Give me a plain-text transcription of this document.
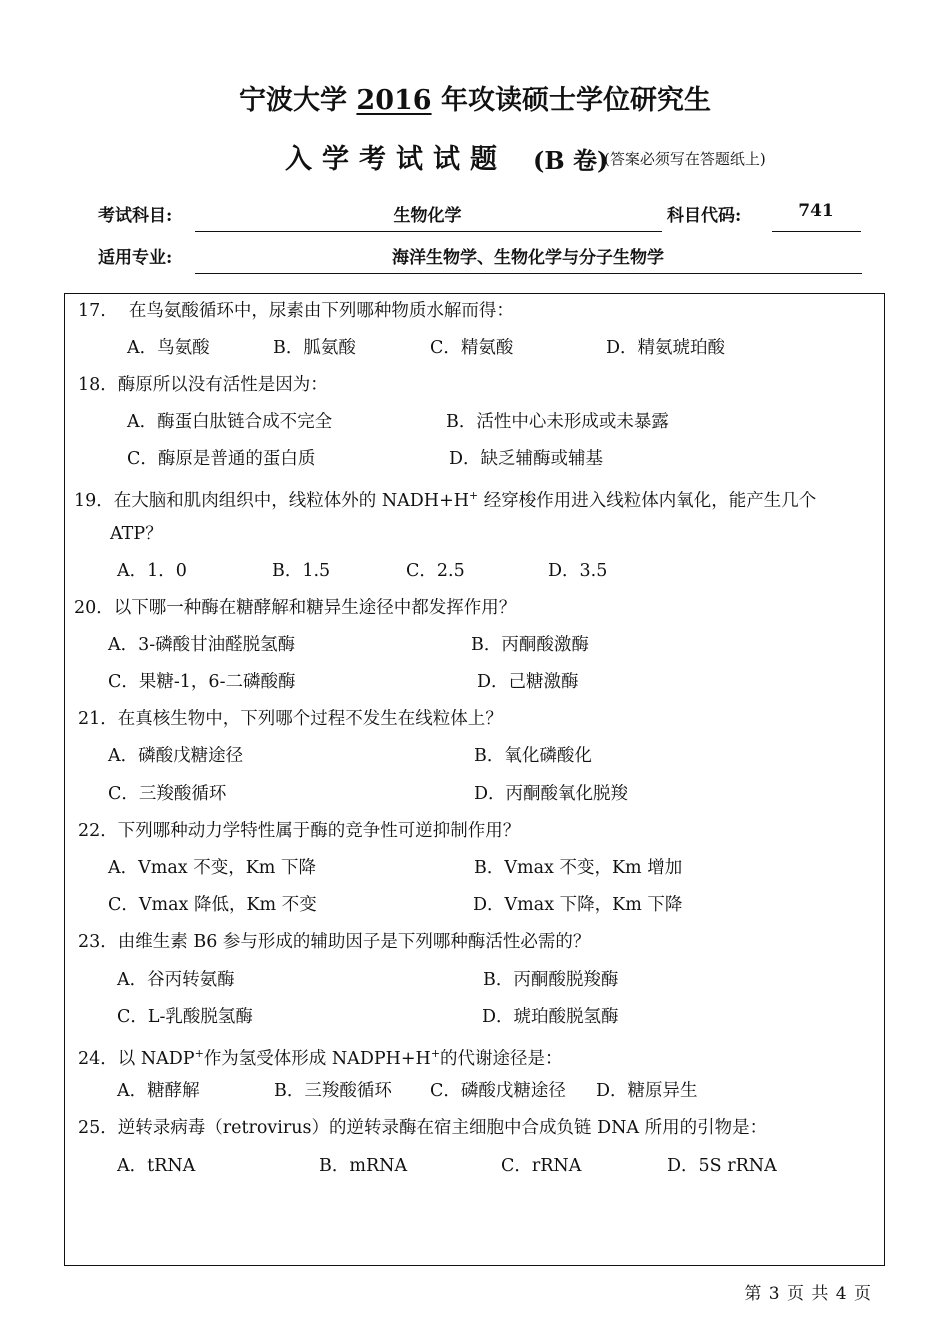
宁波大学 2016 年攻读硕士学位研究生
入学考试试题 (B 卷)
(答案必须写在答题纸上)
考试科目:	生物化学	科目代码:	741
适用专业:	海洋生物学、生物化学与分子生物学
17.　 在鸟氨酸循环中，尿素由下列哪种物质水解而得：
A．鸟氨酸	B．胍氨酸	C．精氨酸	D．精氨琥珀酸
18．酶原所以没有活性是因为：
A．酶蛋白肽链合成不完全	B．活性中心未形成或未暴露
C．酶原是普通的蛋白质	D．缺乏辅酶或辅基
19．在大脑和肌肉组织中，线粒体外的 NADH+H+ 经穿梭作用进入线粒体内氧化，能产生几个
ATP？
A．1．0	B．1.5	C．2.5	D．3.5
20．以下哪一种酶在糖酵解和糖异生途径中都发挥作用？
A．3-磷酸甘油醛脱氢酶	B．丙酮酸激酶
C．果糖-1，6-二磷酸酶	D．己糖激酶
21．在真核生物中，下列哪个过程不发生在线粒体上？
A．磷酸戊糖途径	B．氧化磷酸化
C．三羧酸循环	D．丙酮酸氧化脱羧
22．下列哪种动力学特性属于酶的竞争性可逆抑制作用？
A．Vmax 不变，Km 下降	B．Vmax 不变，Km 增加
C．Vmax 降低，Km 不变	D．Vmax 下降，Km 下降
23．由维生素 B6 参与形成的辅助因子是下列哪种酶活性必需的？
A．谷丙转氨酶	B．丙酮酸脱羧酶
C．L-乳酸脱氢酶	D．琥珀酸脱氢酶
24．以 NADP+作为氢受体形成 NADPH+H+的代谢途径是：
A．糖酵解	B．三羧酸循环 C．磷酸戊糖途径 D．糖原异生
25．逆转录病毒（retrovirus）的逆转录酶在宿主细胞中合成负链 DNA 所用的引物是：
A．tRNA	B．mRNA	C．rRNA	D．5S rRNA
第 3 页 共 4 页
